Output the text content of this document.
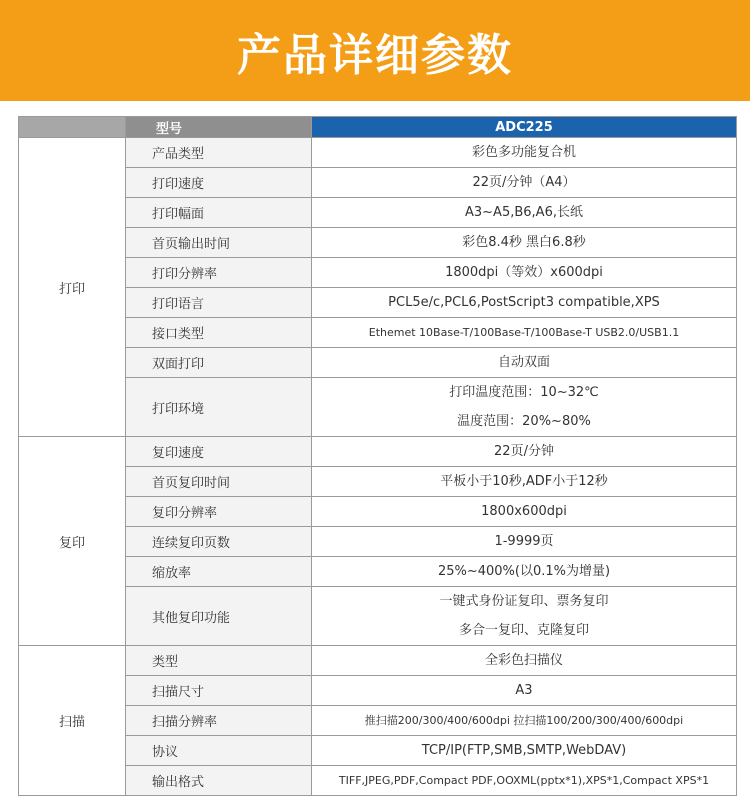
产品详细参数
	型号	ADC225
打印	产品类型	彩色多功能复合机

	打印速度	22页/分钟（A4）

	打印幅面	A3~A5,B6,A6,长纸

	首页输出时间	彩色8.4秒 黑白6.8秒

	打印分辨率	1800dpi（等效）x600dpi

	打印语言	PCL5e/c,PCL6,PostScript3 compatible,XPS

	接口类型	Ethemet 10Base-T/100Base-T/100Base-T USB2.0/USB1.1

	双面打印	自动双面

	打印环境	打印温度范围：10~32℃
温度范围：20%~80%

复印	复印速度	22页/分钟

	首页复印时间	平板小于10秒,ADF小于12秒

	复印分辨率	1800x600dpi

	连续复印页数	1-9999页

	缩放率	25%~400%(以0.1%为增量)

	其他复印功能	一键式身份证复印、票务复印
多合一复印、克隆复印

扫描	类型	全彩色扫描仪

	扫描尺寸	A3

	扫描分辨率	推扫描200/300/400/600dpi 拉扫描100/200/300/400/600dpi

	协议	TCP/IP(FTP,SMB,SMTP,WebDAV)

	输出格式	TIFF,JPEG,PDF,Compact PDF,OOXML(pptx*1),XPS*1,Compact XPS*1
